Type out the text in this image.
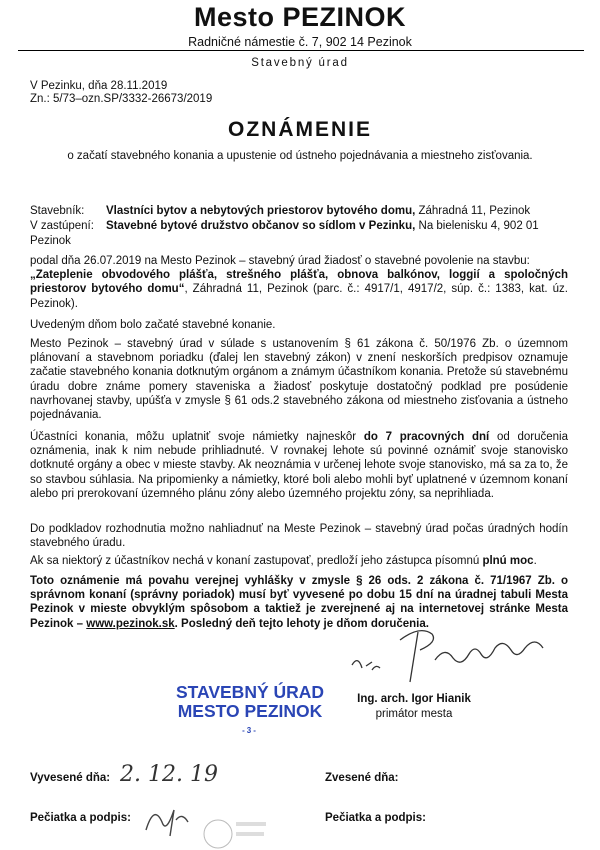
Mesto PEZINOK
Radničné námestie č. 7, 902 14 Pezinok
Stavebný úrad
V Pezinku, dňa 28.11.2019
Zn.: 5/73–ozn.SP/3332-26673/2019
OZNÁMENIE
o začatí stavebného konania a upustenie od ústneho pojednávania a miestneho zisťovania.
Stavebník: Vlastníci bytov a nebytových priestorov bytového domu, Záhradná 11, Pezinok
V zastúpení: Stavebné bytové družstvo občanov so sídlom v Pezinku, Na bielenisku 4, 902 01
Pezinok
podal dňa 26.07.2019 na Mesto Pezinok – stavebný úrad žiadosť o stavebné povolenie na stavbu:
„Zateplenie obvodového plášťa, strešného plášťa, obnova balkónov, loggií a spoločných priestorov bytového domu“, Záhradná 11, Pezinok (parc. č.: 4917/1, 4917/2, súp. č.: 1383, kat. úz. Pezinok).
Uvedeným dňom bolo začaté stavebné konanie.
Mesto Pezinok – stavebný úrad v súlade s ustanovením § 61 zákona č. 50/1976 Zb. o územnom plánovaní a stavebnom poriadku (ďalej len stavebný zákon) v znení neskorších predpisov oznamuje začatie stavebného konania dotknutým orgánom a známym účastníkom konania. Pretože sú stavebnému úradu dobre známe pomery staveniska a žiadosť poskytuje dostatočný podklad pre posúdenie navrhovanej stavby, upúšťa v zmysle § 61 ods.2 stavebného zákona od miestneho zisťovania a ústneho pojednávania.
Účastníci konania, môžu uplatniť svoje námietky najneskôr do 7 pracovných dní od doručenia oznámenia, inak k nim nebude prihliadnuté. V rovnakej lehote sú povinné oznámiť svoje stanovisko dotknuté orgány a obec v mieste stavby. Ak neoznámia v určenej lehote svoje stanovisko, má sa za to, že so stavbou súhlasia. Na pripomienky a námietky, ktoré boli alebo mohli byť uplatnené v územnom konaní alebo pri prerokovaní územného plánu zóny alebo územného projektu zóny, sa neprihliada.
Do podkladov rozhodnutia možno nahliadnuť na Meste Pezinok – stavebný úrad počas úradných hodín stavebného úradu.
Ak sa niektorý z účastníkov nechá v konaní zastupovať, predloží jeho zástupca písomnú plnú moc.
Toto oznámenie má povahu verejnej vyhlášky v zmysle § 26 ods. 2 zákona č. 71/1967 Zb. o správnom konaní (správny poriadok) musí byť vyvesené po dobu 15 dní na úradnej tabuli Mesta Pezinok v mieste obvyklým spôsobom a taktiež je zverejnené aj na internetovej stránke Mesta Pezinok – www.pezinok.sk. Posledný deň tejto lehoty je dňom doručenia.
STAVEBNÝ ÚRAD
MESTO PEZINOK
-3-
Ing. arch. Igor Hianik
primátor mesta
Vyvesené dňa: 2. 12. 19	Zvesené dňa:
Pečiatka a podpis:	Pečiatka a podpis:
